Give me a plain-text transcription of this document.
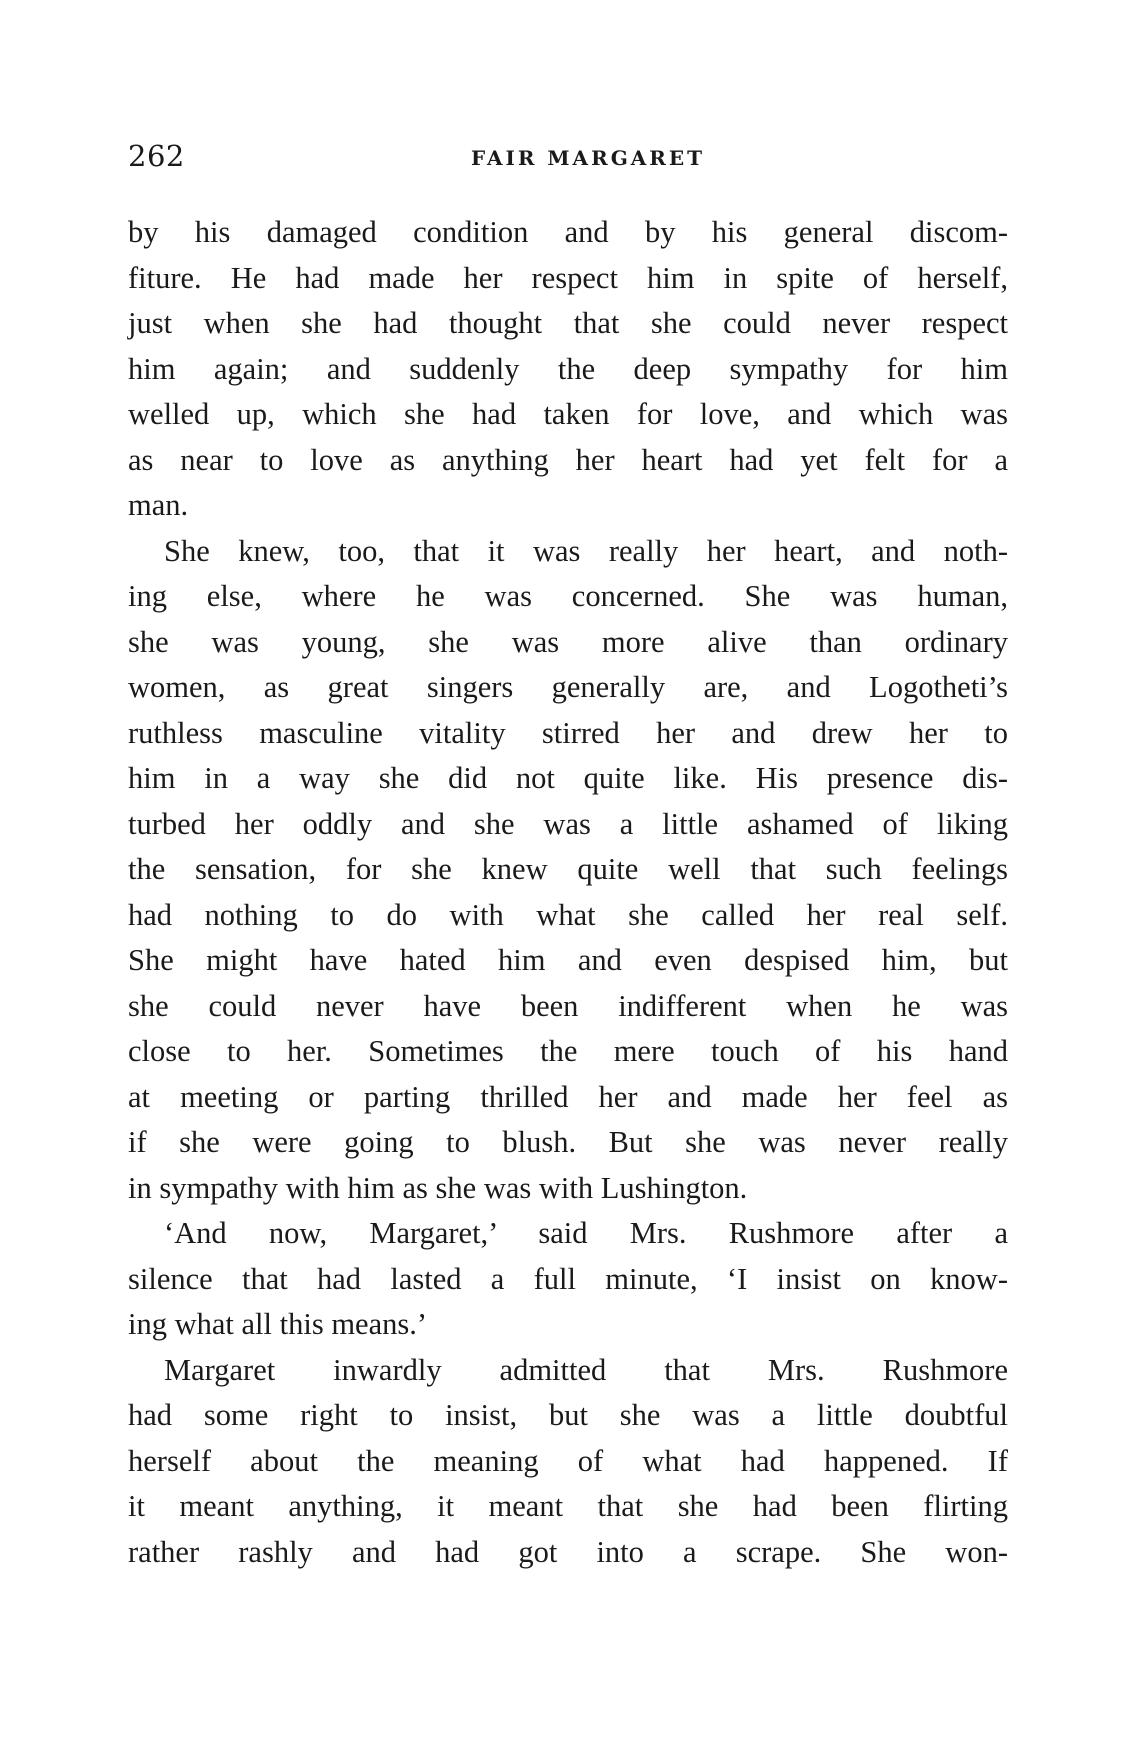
262	FAIR MARGARET
by his damaged condition and by his general discom-
fiture. He had made her respect him in spite of herself,
just when she had thought that she could never respect
him again; and suddenly the deep sympathy for him
welled up, which she had taken for love, and which was
as near to love as anything her heart had yet felt for a
man.
She knew, too, that it was really her heart, and noth-
ing else, where he was concerned. She was human,
she was young, she was more alive than ordinary
women, as great singers generally are, and Logotheti’s
ruthless masculine vitality stirred her and drew her to
him in a way she did not quite like. His presence dis-
turbed her oddly and she was a little ashamed of liking
the sensation, for she knew quite well that such feelings
had nothing to do with what she called her real self.
She might have hated him and even despised him, but
she could never have been indifferent when he was
close to her. Sometimes the mere touch of his hand
at meeting or parting thrilled her and made her feel as
if she were going to blush. But she was never really
in sympathy with him as she was with Lushington.
‘And now, Margaret,’ said Mrs. Rushmore after a
silence that had lasted a full minute, ‘I insist on know-
ing what all this means.’
Margaret inwardly admitted that Mrs. Rushmore
had some right to insist, but she was a little doubtful
herself about the meaning of what had happened. If
it meant anything, it meant that she had been flirting
rather rashly and had got into a scrape. She won-
